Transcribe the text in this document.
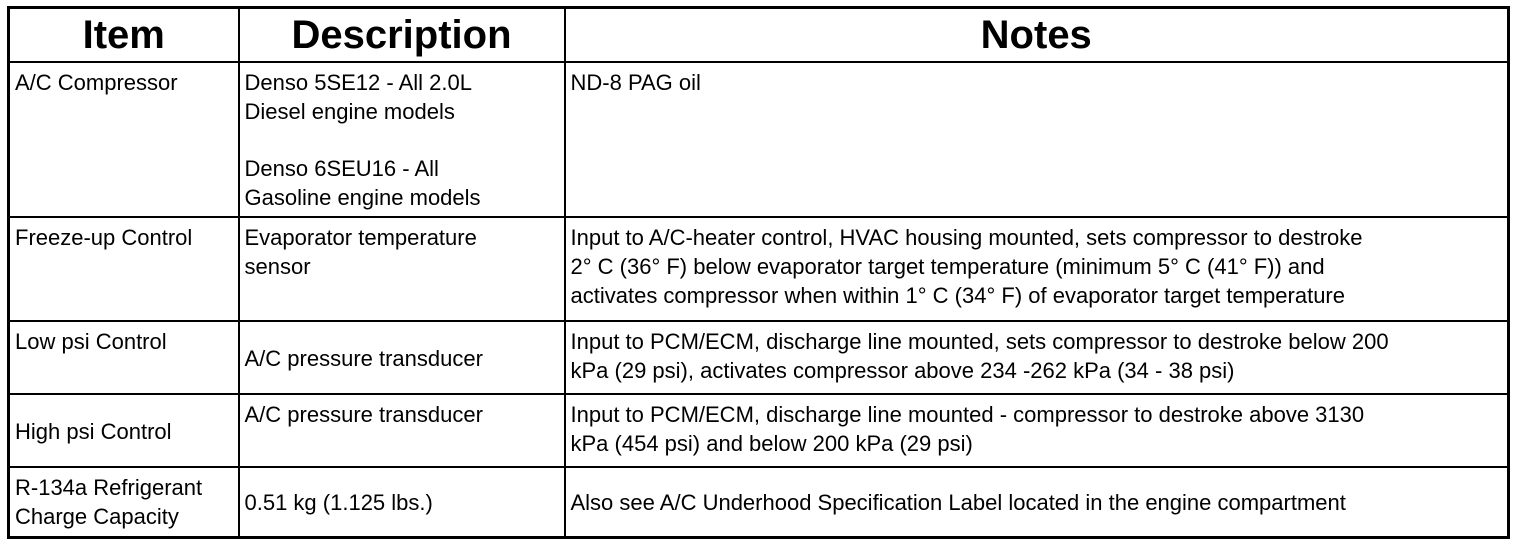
Item	Description	Notes

A/C Compressor	Denso 5SE12 - All 2.0L
Diesel engine models
Denso 6SEU16 - All
Gasoline engine models	ND-8 PAG oil

Freeze-up Control	Evaporator temperature
sensor	Input to A/C-heater control, HVAC housing mounted, sets compressor to destroke
2° C (36° F) below evaporator target temperature (minimum 5° C (41° F)) and
activates compressor when within 1° C (34° F) of evaporator target temperature

Low psi Control	A/C pressure transducer	Input to PCM/ECM, discharge line mounted, sets compressor to destroke below 200
kPa (29 psi), activates compressor above 234 -262 kPa (34 - 38 psi)

High psi Control	A/C pressure transducer	Input to PCM/ECM, discharge line mounted - compressor to destroke above 3130
kPa (454 psi) and below 200 kPa (29 psi)

R-134a Refrigerant
Charge Capacity	0.51 kg (1.125 lbs.)	Also see A/C Underhood Specification Label located in the engine compartment
